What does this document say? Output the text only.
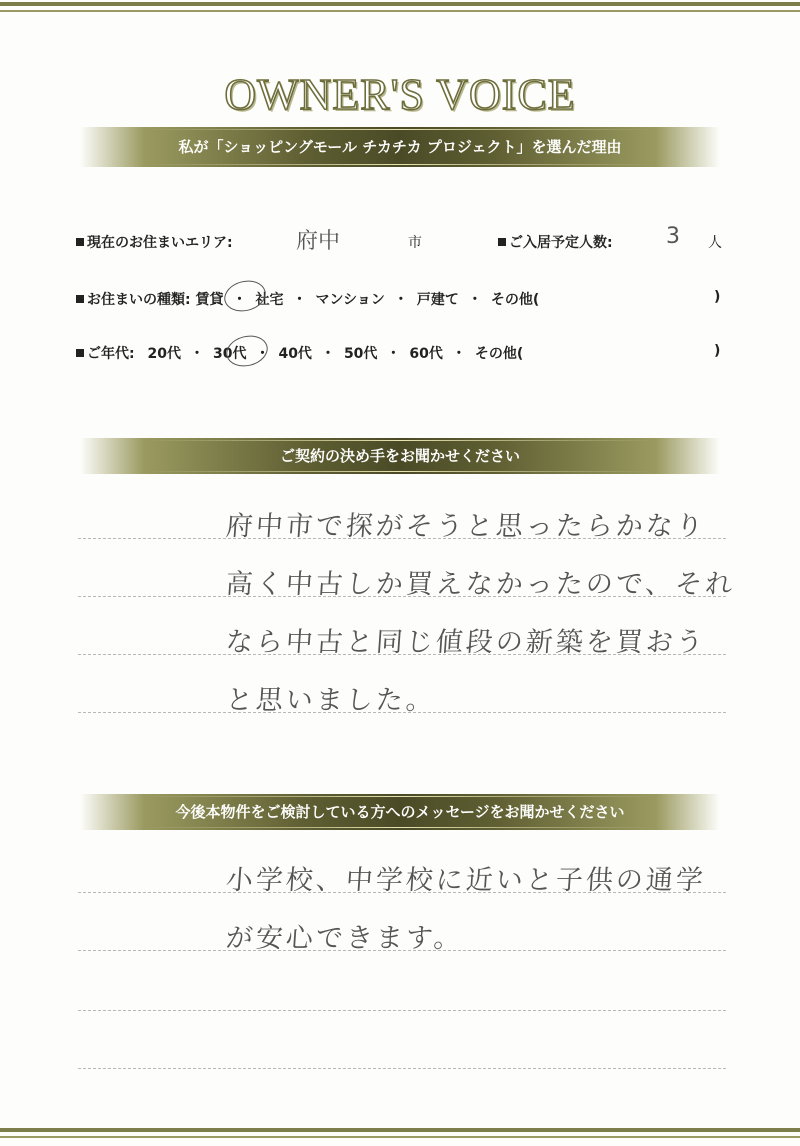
OWNER'S VOICE
私が「ショッピングモール チカチカ プロジェクト」を選んだ理由
現在のお住まいエリア:	府中	市	ご入居予定人数: 3 人
お住まいの種類: 賃貸 ・ 社宅 ・ マンション ・ 戸建て ・ その他(	)
ご年代: 20代 ・ 30代 ・ 40代 ・ 50代 ・ 60代 ・ その他(	)
ご契約の決め手をお聞かせください
府中市で探がそうと思ったらかなり
高く中古しか買えなかったので、それ
なら中古と同じ値段の新築を買おう
と思いました。
今後本物件をご検討している方へのメッセージをお聞かせください
小学校、中学校に近いと子供の通学
が安心できます。
